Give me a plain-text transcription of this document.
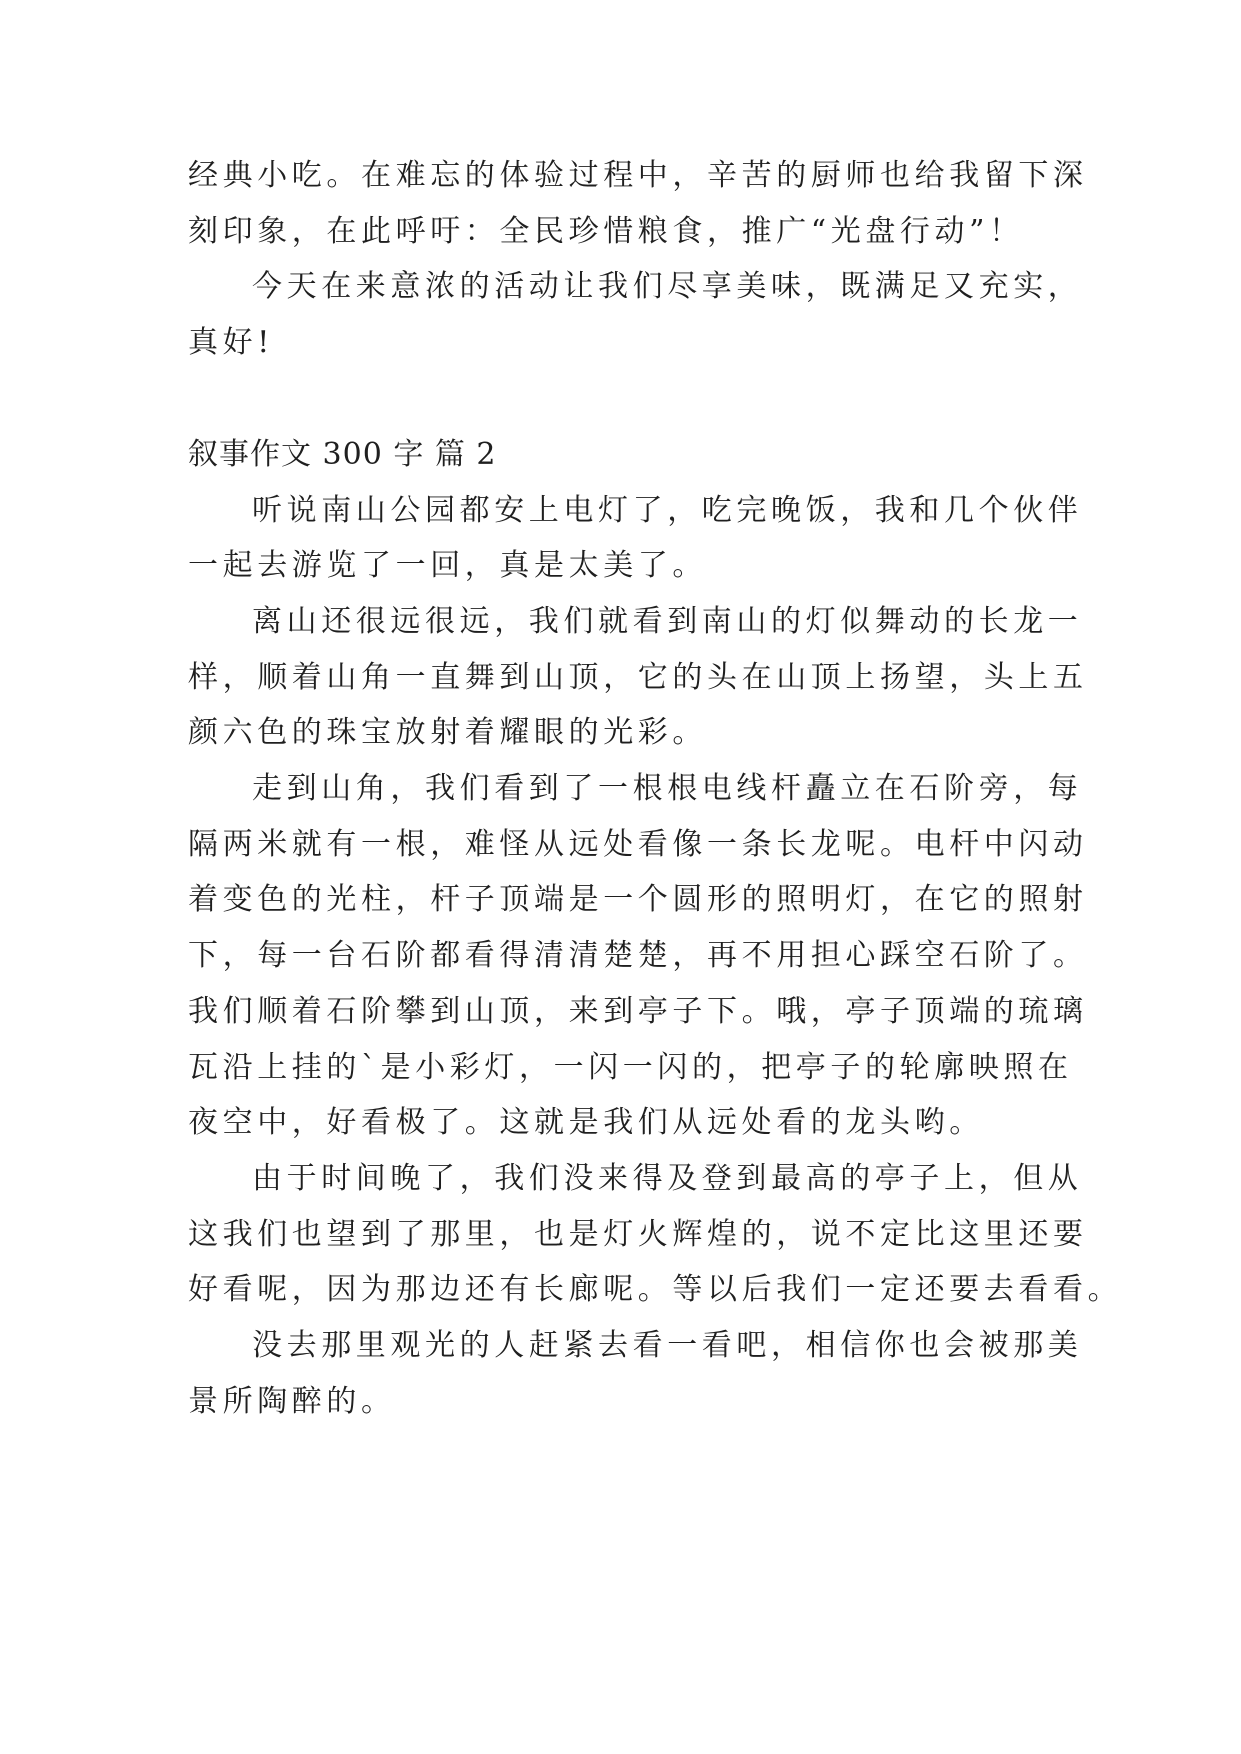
经典小吃。在难忘的体验过程中，辛苦的厨师也给我留下深
刻印象，在此呼吁：全民珍惜粮食，推广“光盘行动”！

今天在来意浓的活动让我们尽享美味，既满足又充实，
真好!

叙事作文 300 字 篇 2

听说南山公园都安上电灯了，吃完晚饭，我和几个伙伴
一起去游览了一回，真是太美了。

离山还很远很远，我们就看到南山的灯似舞动的长龙一
样，顺着山角一直舞到山顶，它的头在山顶上扬望，头上五
颜六色的珠宝放射着耀眼的光彩。

走到山角，我们看到了一根根电线杆矗立在石阶旁，每
隔两米就有一根，难怪从远处看像一条长龙呢。电杆中闪动
着变色的光柱，杆子顶端是一个圆形的照明灯，在它的照射
下，每一台石阶都看得清清楚楚，再不用担心踩空石阶了。
我们顺着石阶攀到山顶，来到亭子下。哦，亭子顶端的琉璃
瓦沿上挂的`是小彩灯，一闪一闪的，把亭子的轮廓映照在
夜空中，好看极了。这就是我们从远处看的龙头哟。

由于时间晚了，我们没来得及登到最高的亭子上，但从
这我们也望到了那里，也是灯火辉煌的，说不定比这里还要
好看呢，因为那边还有长廊呢。等以后我们一定还要去看看。

没去那里观光的人赶紧去看一看吧，相信你也会被那美
景所陶醉的。
